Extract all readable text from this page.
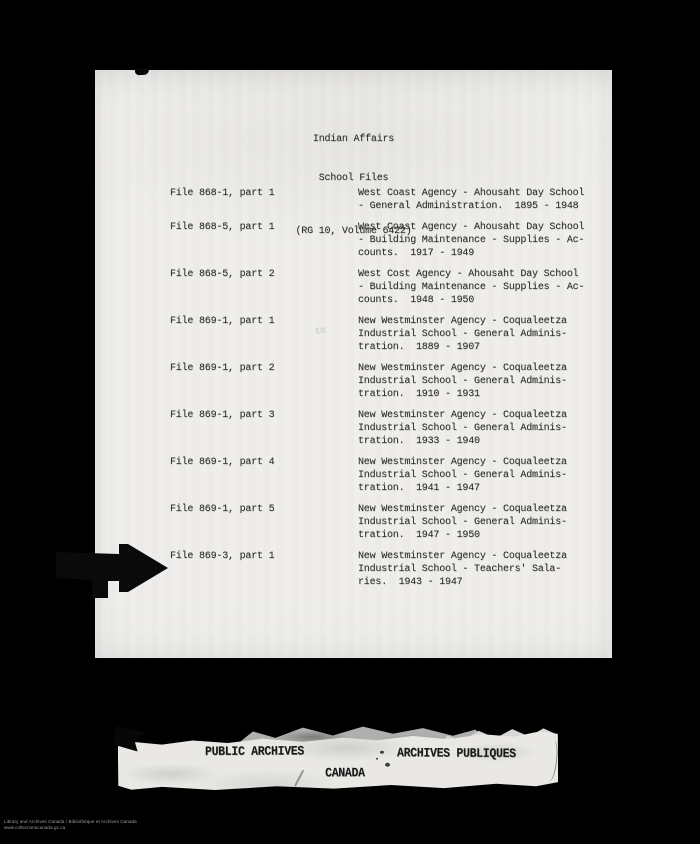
Indian Affairs

School Files

(RG 10, Volume 6422)

File 868-1, part 1	West Coast Agency - Ahousaht Day School
- General Administration.  1895 - 1948
File 868-5, part 1	West Coast Agency - Ahousaht Day School
- Building Maintenance - Supplies - Ac-
counts.  1917 - 1949
File 868-5, part 2	West Cost Agency - Ahousaht Day School
- Building Maintenance - Supplies - Ac-
counts.  1948 - 1950
File 869-1, part 1	New Westminster Agency - Coqualeetza
Industrial School - General Adminis-
tration.  1889 - 1907
File 869-1, part 2	New Westminster Agency - Coqualeetza
Industrial School - General Adminis-
tration.  1910 - 1931
File 869-1, part 3	New Westminster Agency - Coqualeetza
Industrial School - General Adminis-
tration.  1933 - 1940
File 869-1, part 4	New Westminster Agency - Coqualeetza
Industrial School - General Adminis-
tration.  1941 - 1947
File 869-1, part 5	New Westminster Agency - Coqualeetza
Industrial School - General Adminis-
tration.  1947 - 1950
File 869-3, part 1	New Westminster Agency - Coqualeetza
Industrial School - Teachers' Sala-
ries.  1943 - 1947
to
PUBLIC ARCHIVES	ARCHIVES PUBLIQUES
CANADA
Library and Archives Canada / Bibliothèque et Archives Canada
www.collectionscanada.gc.ca
